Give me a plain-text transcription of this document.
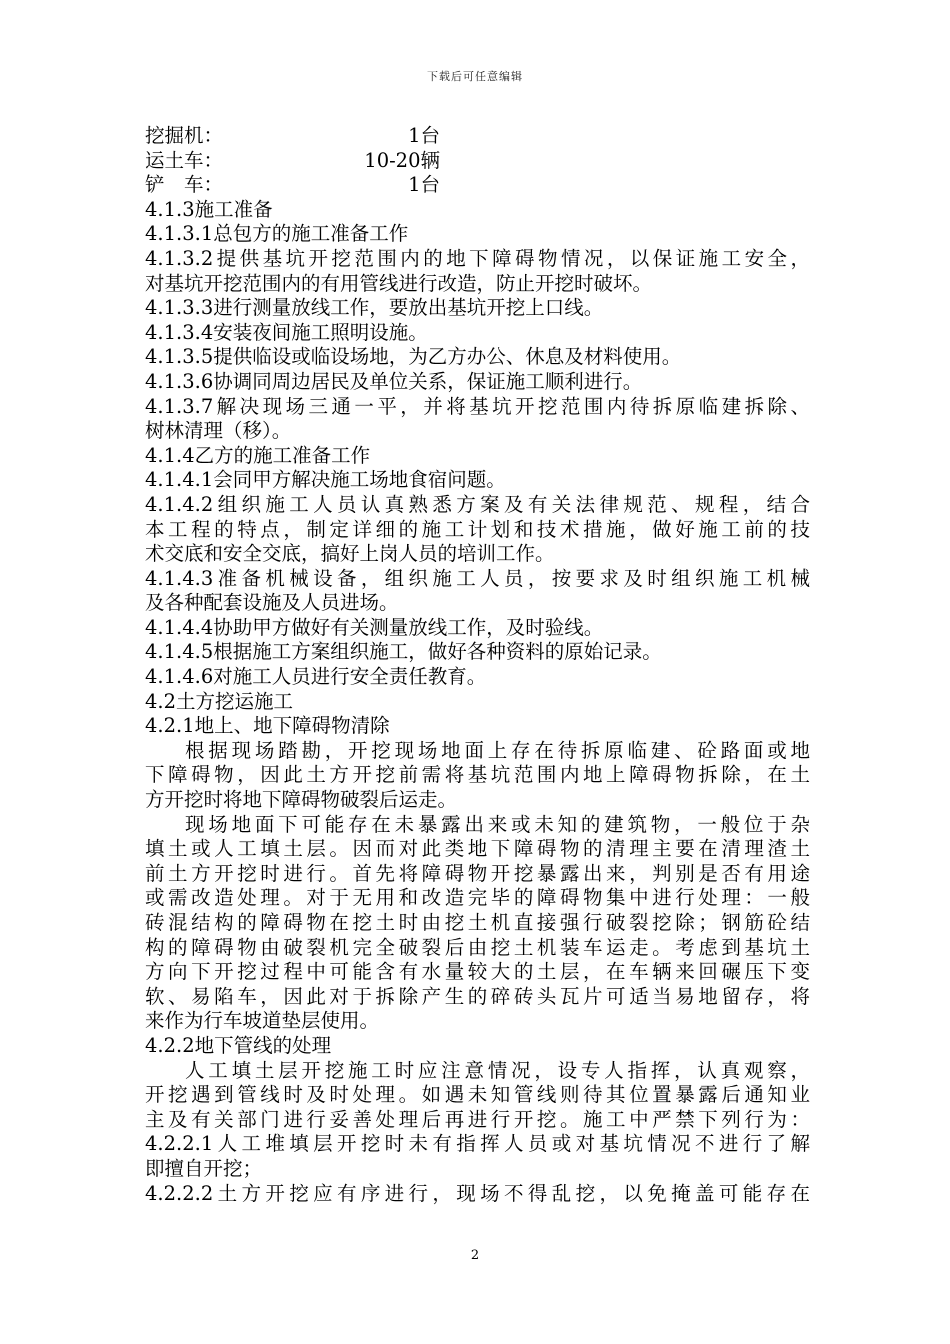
下载后可任意编辑
挖掘机：	1台
运土车：	10-20辆
铲　车：	1台
4.1.3施工准备
4.1.3.1总包方的施工准备工作
4.1.3.2提供基坑开挖范围内的地下障碍物情况，以保证施工安全，
对基坑开挖范围内的有用管线进行改造，防止开挖时破坏。
4.1.3.3进行测量放线工作，要放出基坑开挖上口线。
4.1.3.4安装夜间施工照明设施。
4.1.3.5提供临设或临设场地，为乙方办公、休息及材料使用。
4.1.3.6协调同周边居民及单位关系，保证施工顺利进行。
4.1.3.7解决现场三通一平，并将基坑开挖范围内待拆原临建拆除、
树林清理（移）。
4.1.4乙方的施工准备工作
4.1.4.1会同甲方解决施工场地食宿问题。
4.1.4.2组织施工人员认真熟悉方案及有关法律规范、规程，结合
本工程的特点，制定详细的施工计划和技术措施，做好施工前的技
术交底和安全交底，搞好上岗人员的培训工作。
4.1.4.3准备机械设备，组织施工人员，按要求及时组织施工机械
及各种配套设施及人员进场。
4.1.4.4协助甲方做好有关测量放线工作，及时验线。
4.1.4.5根据施工方案组织施工，做好各种资料的原始记录。
4.1.4.6对施工人员进行安全责任教育。
4.2土方挖运施工
4.2.1地上、地下障碍物清除
根据现场踏勘，开挖现场地面上存在待拆原临建、砼路面或地
下障碍物，因此土方开挖前需将基坑范围内地上障碍物拆除，在土
方开挖时将地下障碍物破裂后运走。
现场地面下可能存在未暴露出来或未知的建筑物，一般位于杂
填土或人工填土层。因而对此类地下障碍物的清理主要在清理渣土
前土方开挖时进行。首先将障碍物开挖暴露出来，判别是否有用途
或需改造处理。对于无用和改造完毕的障碍物集中进行处理：一般
砖混结构的障碍物在挖土时由挖土机直接强行破裂挖除；钢筋砼结
构的障碍物由破裂机完全破裂后由挖土机装车运走。考虑到基坑土
方向下开挖过程中可能含有水量较大的土层，在车辆来回碾压下变
软、易陷车，因此对于拆除产生的碎砖头瓦片可适当易地留存，将
来作为行车坡道垫层使用。
4.2.2地下管线的处理
人工填土层开挖施工时应注意情况，设专人指挥，认真观察，
开挖遇到管线时及时处理。如遇未知管线则待其位置暴露后通知业
主及有关部门进行妥善处理后再进行开挖。施工中严禁下列行为：
4.2.2.1人工堆填层开挖时未有指挥人员或对基坑情况不进行了解
即擅自开挖；
4.2.2.2土方开挖应有序进行，现场不得乱挖，以免掩盖可能存在
2
